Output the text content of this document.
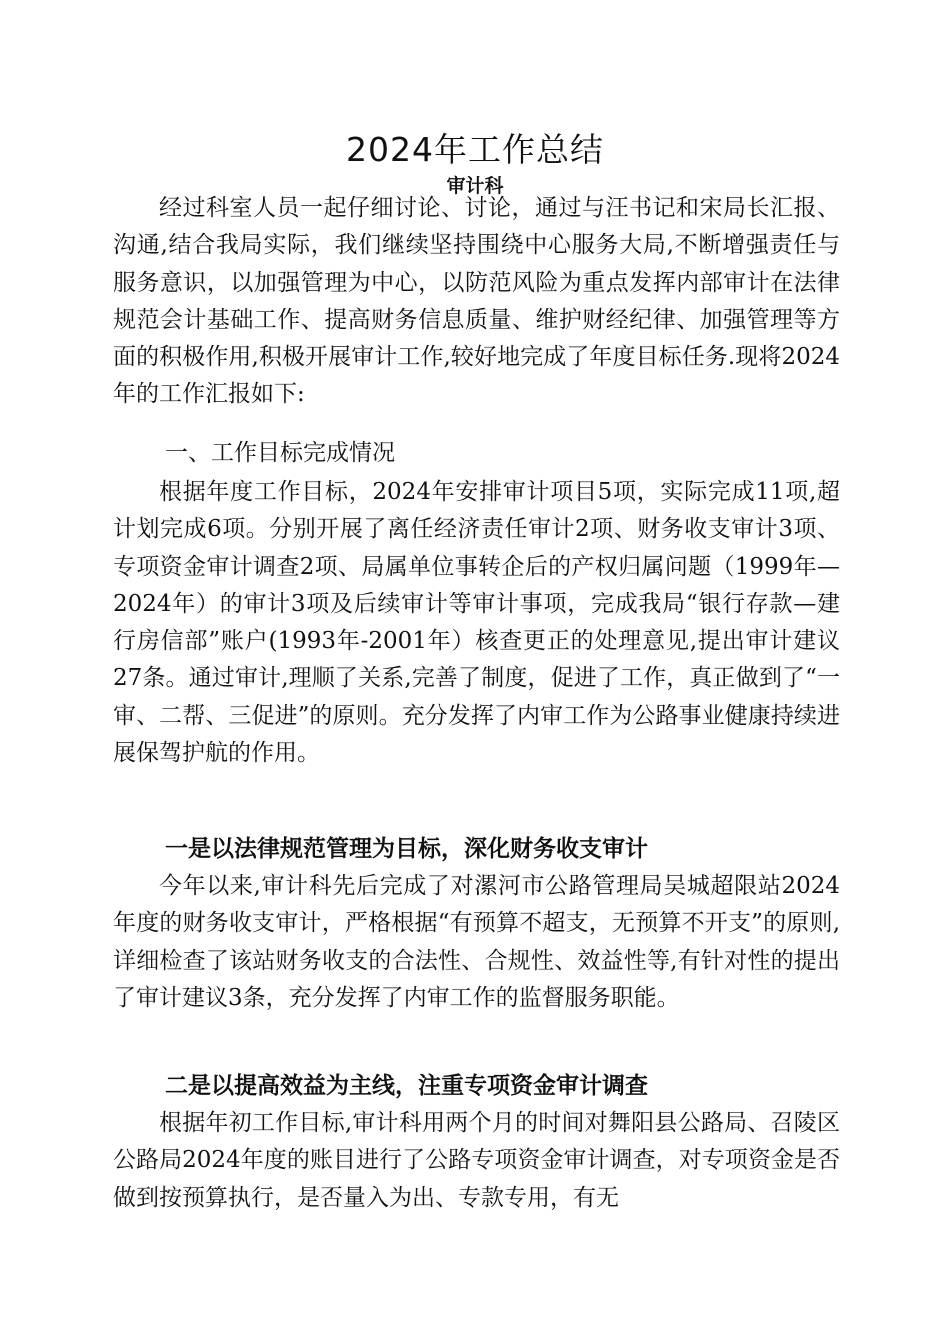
2024年工作总结
审计科

经过科室人员一起仔细讨论、讨论，通过与汪书记和宋局长汇报、沟通,结合我局实际，我们继续坚持围绕中心服务大局,不断增强责任与服务意识，以加强管理为中心，以防范风险为重点发挥内部审计在法律规范会计基础工作、提高财务信息质量、维护财经纪律、加强管理等方面的积极作用,积极开展审计工作,较好地完成了年度目标任务.现将2024年的工作汇报如下:

一、工作目标完成情况

根据年度工作目标，2024年安排审计项目5项，实际完成11项,超计划完成6项。分别开展了离任经济责任审计2项、财务收支审计3项、专项资金审计调查2项、局属单位事转企后的产权归属问题（1999年—2024年）的审计3项及后续审计等审计事项，完成我局“银行存款—建行房信部”账户(1993年-2001年）核查更正的处理意见,提出审计建议27条。通过审计,理顺了关系,完善了制度，促进了工作，真正做到了“一审、二帮、三促进”的原则。充分发挥了内审工作为公路事业健康持续进展保驾护航的作用。

一是以法律规范管理为目标，深化财务收支审计

今年以来,审计科先后完成了对漯河市公路管理局吴城超限站2024年度的财务收支审计，严格根据“有预算不超支，无预算不开支”的原则,详细检查了该站财务收支的合法性、合规性、效益性等,有针对性的提出了审计建议3条，充分发挥了内审工作的监督服务职能。

二是以提高效益为主线，注重专项资金审计调查

根据年初工作目标,审计科用两个月的时间对舞阳县公路局、召陵区公路局2024年度的账目进行了公路专项资金审计调查，对专项资金是否做到按预算执行，是否量入为出、专款专用，有无
